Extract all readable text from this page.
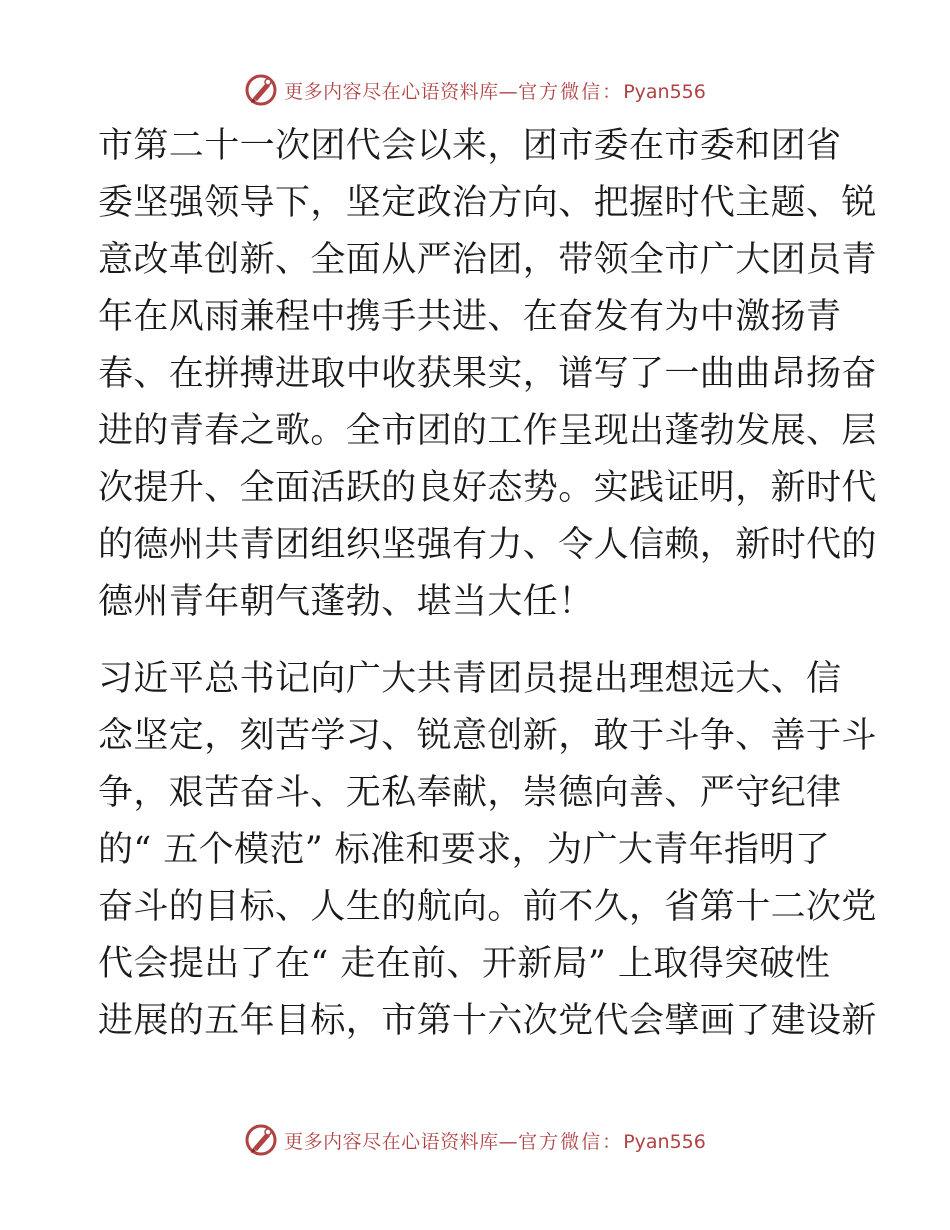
更多内容尽在心语资料库—官方微信：Pyan556

市第二十一次团代会以来，团市委在市委和团省
委坚强领导下，坚定政治方向、把握时代主题、锐
意改革创新、全面从严治团，带领全市广大团员青
年在风雨兼程中携手共进、在奋发有为中激扬青
春、在拼搏进取中收获果实，谱写了一曲曲昂扬奋
进的青春之歌。全市团的工作呈现出蓬勃发展、层
次提升、全面活跃的良好态势。实践证明，新时代
的德州共青团组织坚强有力、令人信赖，新时代的
德州青年朝气蓬勃、堪当大任！

习近平总书记向广大共青团员提出理想远大、信
念坚定，刻苦学习、锐意创新，敢于斗争、善于斗
争，艰苦奋斗、无私奉献，崇德向善、严守纪律
的“ 五个模范” 标准和要求，为广大青年指明了
奋斗的目标、人生的航向。前不久，省第十二次党
代会提出了在“ 走在前、开新局” 上取得突破性
进展的五年目标，市第十六次党代会擘画了建设新

更多内容尽在心语资料库—官方微信：Pyan556
